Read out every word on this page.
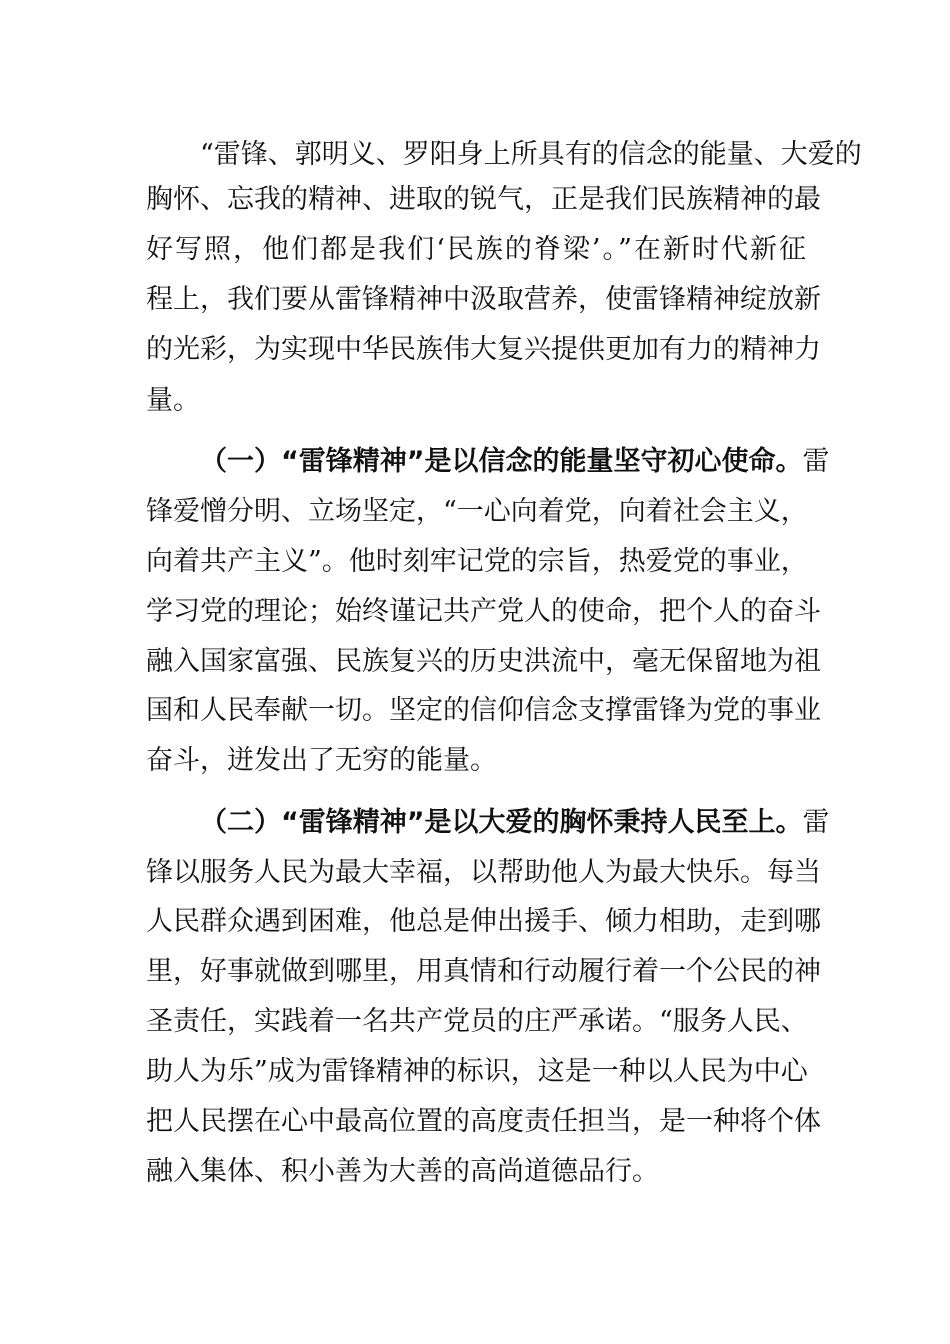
“雷锋、郭明义、罗阳身上所具有的信念的能量、大爱的
胸怀、忘我的精神、进取的锐气，正是我们民族精神的最
好写照，他们都是我们‘民族的脊梁’。”在新时代新征
程上，我们要从雷锋精神中汲取营养，使雷锋精神绽放新
的光彩，为实现中华民族伟大复兴提供更加有力的精神力
量。
（一）“雷锋精神”是以信念的能量坚守初心使命。雷
锋爱憎分明、立场坚定，“一心向着党，向着社会主义，
向着共产主义”。他时刻牢记党的宗旨，热爱党的事业，
学习党的理论；始终谨记共产党人的使命，把个人的奋斗
融入国家富强、民族复兴的历史洪流中，毫无保留地为祖
国和人民奉献一切。坚定的信仰信念支撑雷锋为党的事业
奋斗，迸发出了无穷的能量。
（二）“雷锋精神”是以大爱的胸怀秉持人民至上。雷
锋以服务人民为最大幸福，以帮助他人为最大快乐。每当
人民群众遇到困难，他总是伸出援手、倾力相助，走到哪
里，好事就做到哪里，用真情和行动履行着一个公民的神
圣责任，实践着一名共产党员的庄严承诺。“服务人民、
助人为乐”成为雷锋精神的标识，这是一种以人民为中心
把人民摆在心中最高位置的高度责任担当，是一种将个体
融入集体、积小善为大善的高尚道德品行。
